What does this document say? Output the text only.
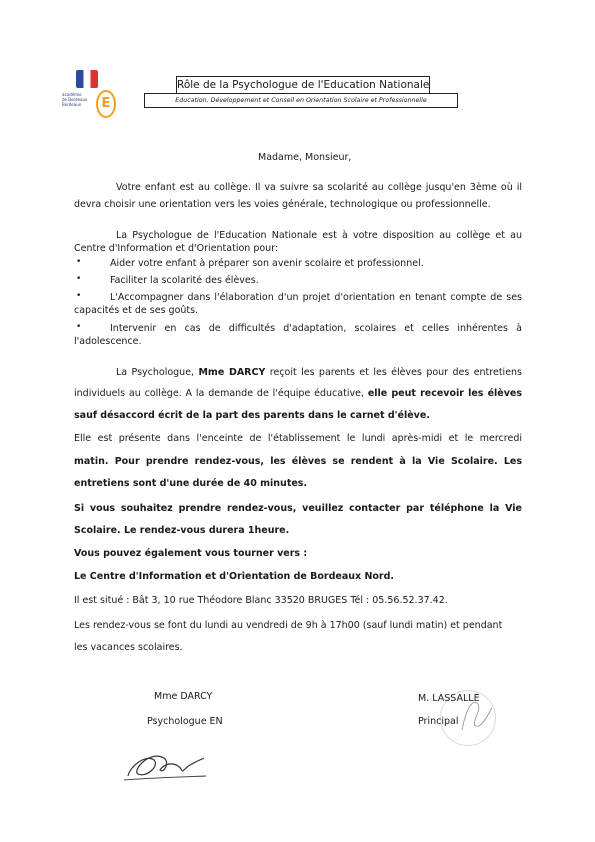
académie
de Bordeaux
Bordeaux	E
Rôle de la Psychologue de l'Education Nationale
Education, Développement et Conseil en Orientation Scolaire et Professionnelle
Madame, Monsieur,
Votre enfant est au collège. Il va suivre sa scolarité au collège jusqu'en 3ème où il
devra choisir une orientation vers les voies générale, technologique ou professionnelle.
La Psychologue de l'Education Nationale est à votre disposition au collège et au
Centre d'Information et d'Orientation pour:
•	Aider votre enfant à préparer son avenir scolaire et professionnel.
•	Faciliter la scolarité des élèves.
•	L'Accompagner dans l'élaboration d'un projet d'orientation en tenant compte de ses
capacités et de ses goûts.
•	Intervenir en cas de difficultés d'adaptation, scolaires et celles inhérentes à
l'adolescence.
La Psychologue, Mme DARCY reçoit les parents et les élèves pour des entretiens
individuels au collège. A la demande de l'équipe éducative, elle peut recevoir les élèves
sauf désaccord écrit de la part des parents dans le carnet d'élève.
Elle est présente dans l'enceinte de l'établissement le lundi après-midi et le mercredi
matin. Pour prendre rendez-vous, les élèves se rendent à la Vie Scolaire. Les
entretiens sont d'une durée de 40 minutes.
Si vous souhaitez prendre rendez-vous, veuillez contacter par téléphone la Vie
Scolaire. Le rendez-vous durera 1heure.
Vous pouvez également vous tourner vers :
Le Centre d'Information et d'Orientation de Bordeaux Nord.
Il est situé : Bât 3, 10 rue Théodore Blanc 33520 BRUGES Tél : 05.56.52.37.42.
Les rendez-vous se font du lundi au vendredi de 9h à 17h00 (sauf lundi matin) et pendant
les vacances scolaires.
Mme DARCY
Psychologue EN
M. LASSALLE
Principal
